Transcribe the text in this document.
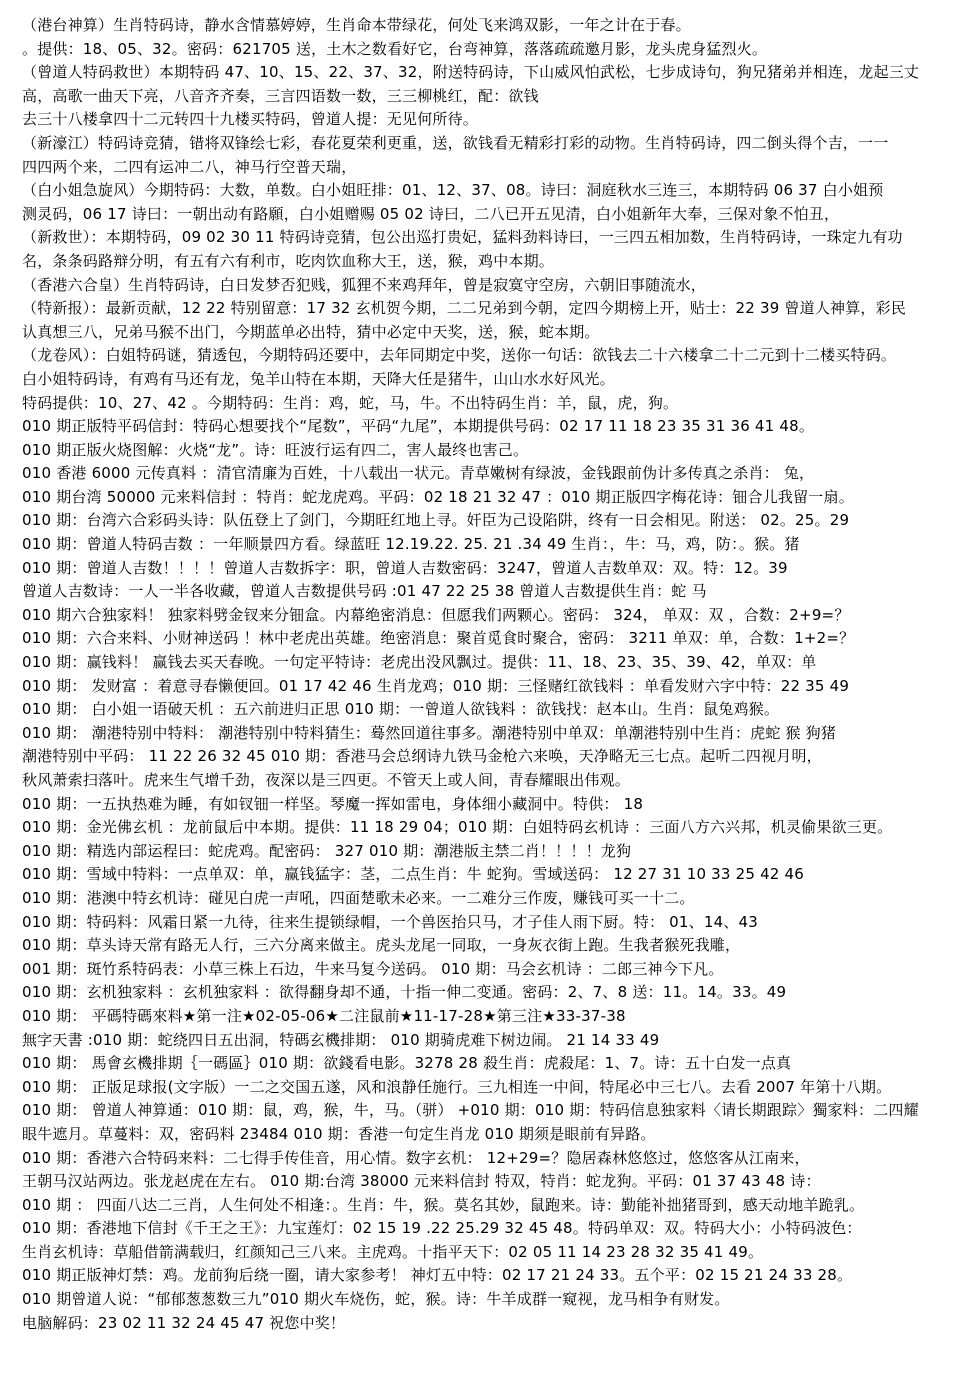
（港台神算）生肖特码诗，静水含情慕婷婷，生肖命本带绿花，何处飞来鸿双影，一年之计在于春。
。提供：18、05、32。密码：621705 送，土木之数看好它，台弯神算，落落疏疏邀月影，龙头虎身猛烈火。
（曾道人特码救世）本期特码 47、10、15、22、37、32，附送特码诗，下山威风怕武松，七步成诗句，狗兄猪弟并相连，龙起三丈
高，高歌一曲天下亮，八音齐齐奏，三言四语数一数，三三柳桃红，配：欲钱
去三十八楼拿四十二元转四十九楼买特码，曾道人提：无见何所待。
（新濠江）特码诗竞猜，错将双锋绘七彩，春花夏荣利更重，送，欲钱看无精彩打彩的动物。生肖特码诗，四二倒头得个吉，一一
四四两个来，二四有运冲二八，神马行空普天瑞，
（白小姐急旋风）今期特码：大数，单数。白小姐旺排：01、12、37、08。诗曰：洞庭秋水三连三，本期特码 06 37 白小姐预
测灵码，06 17 诗曰：一朝出动有路願，白小姐赠赐 05 02 诗曰，二八已开五见清，白小姐新年大奉，三保对象不怕丑，
（新救世）：本期特码，09 02 30 11 特码诗竞猜，包公出巡打贵妃，猛料劲料诗曰，一三四五相加数，生肖特码诗，一珠定九有功
名，条条码路辩分明，有五有六有利市，吃肉饮血称大王，送，猴，鸡中本期。
（香港六合皇）生肖特码诗，白日发梦否犯贱，狐狸不来鸡拜年，曾是寂寞守空房，六朝旧事随流水，
（特新报）：最新贡献，12 22 特别留意：17 32 玄机贺今期，二二兄弟到今朝，定四今期榜上开，贴士：22 39 曾道人神算，彩民
认真想三八，兄弟马猴不出门，今期蓝单必出特，猜中必定中天奖，送，猴，蛇本期。
（龙卷风）：白姐特码谜，猜透包，今期特码还要中，去年同期定中奖，送你一句话：欲钱去二十六楼拿二十二元到十二楼买特码。
白小姐特码诗，有鸡有马还有龙，兔羊山特在本期，天降大任是猪牛，山山水水好风光。
特码提供：10、27、42 。今期特码：生肖：鸡，蛇，马，牛。不出特码生肖：羊，鼠，虎，狗。
010 期正版特平码信封：特码心想要找个“尾数”，平码“九尾”，本期提供号码：02 17 11 18 23 35 31 36 41 48。
010 期正版火烧图解：火烧“龙”。诗：旺波行运有四二，害人最终也害己。
010 香港 6000 元传真料 ：清官清廉为百姓，十八载出一状元。青草嫩树有绿波，金钱跟前伪计多传真之杀肖： 兔，
010 期台湾 50000 元来料信封 ：特肖：蛇龙虎鸡。平码：02 18 21 32 47 ：010 期正版四字梅花诗：钿合儿我留一扇。
010 期：台湾六合彩码头诗：队伍登上了剑门，今期旺红地上寻。奸臣为己设陷阱，终有一日会相见。附送： 02。25。29
010 期：曾道人特码吉数 ：一年顺景四方看。绿蓝旺 12.19.22. 25. 21 .34 49 生肖：，牛：马，鸡，防：。猴。猪
010 期：曾道人吉数！！！！曾道人吉数拆字：职，曾道人吉数密码：3247，曾道人吉数单双：双。特：12。39
曾道人吉数诗：一人一半各收藏，曾道人吉数提供号码 :01 47 22 25 38 曾道人吉数提供生肖：蛇 马
010 期六合独家料！ 独家料劈金钗来分钿盒。内幕绝密消息：但愿我们两颗心。密码： 324， 单双：双 ，合数：2+9=？
010 期：六合来料、小财神送码 ！林中老虎出英雄。绝密消息：聚首觅食时聚合，密码： 3211 单双：单，合数：1+2=？
010 期：赢钱料！ 赢钱去买天春晚。一句定平特诗：老虎出没风飘过。提供：11、18、23、35、39、42，单双：单
010 期： 发财富 ：着意寻春懒便回。01 17 42 46 生肖龙鸡；010 期：三怪赌红欲钱料 ：单看发财六字中特：22 35 49
010 期： 白小姐一语破天机 ：五六前进归正思 010 期：一曾道人欲钱料 ：欲钱找：赵本山。生肖：鼠兔鸡猴。
010 期： 潮港特别中特料： 潮港特别中特料猜生：蓦然回道往事多。潮港特别中单双：单潮港特别中生肖：虎蛇 猴 狗猪
潮港特别中平码： 11 22 26 32 45 010 期：香港马会总纲诗九铁马金枪六来唤，天净略无三七点。起听二四视月明，
秋风萧索扫落叶。虎来生气增千劲，夜深以是三四更。不管天上或人间，青春耀眼出伟观。
010 期：一五执热难为睡，有如钗钿一样坚。琴魔一挥如雷电，身体细小藏洞中。特供： 18
010 期：金光佛玄机 ：龙前鼠后中本期。提供：11 18 29 04；010 期：白姐特码玄机诗 ：三面八方六兴邦，机灵偷果欲三更。
010 期：精选内部运程曰：蛇虎鸡。配密码： 327 010 期：潮港版主禁二肖！！！！龙狗
010 期：雪域中特料：一点单双：单，赢钱猛字：茎，二点生肖：牛 蛇狗。雪域送码： 12 27 31 10 33 25 42 46
010 期：港澳中特玄机诗：碰见白虎一声吼，四面楚歌未必来。一二难分三作废，赚钱可买一十二。
010 期：特码料：风霜日紧一九待，往来生提锁绿帽，一个兽医抬只马，才子佳人雨下厨。特： 01、14、43
010 期：草头诗天常有路无人行，三六分离来做主。虎头龙尾一同取，一身灰衣街上跑。生我者猴死我雕，
001 期：斑竹系特码表：小草三株上石边，牛来马复今送码。 010 期：马会玄机诗 ：二郎三神今下凡。
010 期：玄机独家料 ：玄机独家料 ：欲得翻身却不通，十指一伸二变通。密码：2、7、8 送：11。14。33。49
010 期： 平碼特碼來料★第一注★02-05-06★二注鼠前★11-17-28★第三注★33-37-38
無字天書 :010 期：蛇绕四日五出洞，特碼玄機排期： 010 期骑虎难下树边闹。 21 14 33 49
010 期： 馬會玄機排期｛一碼區｝010 期：欲錢看电影。3278 28 殺生肖：虎殺尾：1、7。诗：五十白发一点真
010 期： 正版足球报(文字版）一二之交国五遂，风和浪静任施行。三九相连一中间，特尾必中三七八。去看 2007 年第十八期。
010 期： 曾道人神算通：010 期：鼠，鸡，猴，牛，马。（骈） +010 期：010 期：特码信息独家料〈请长期跟踪〉獨家料：二四耀
眼牛遮月。草蔓料：双，密码料 23484 010 期：香港一句定生肖龙 010 期须是眼前有异路。
010 期：香港六合特码来料：二七得手传佳音，用心情。数字玄机： 12+29=？隐居森林悠悠过，悠悠客从江南来，
王朝马汉站两边。张龙赵虎在左右。 010 期:台湾 38000 元来料信封 特双，特肖：蛇龙狗。平码：01 37 43 48 诗：
010 期 ： 四面八达二三肖，人生何处不相逢：。生肖：牛，猴。莫名其妙，鼠跑来。诗：勤能补拙猪哥到，感天动地羊跪乳。
010 期：香港地下信封《千王之王》：九宝莲灯：02 15 19 .22 25.29 32 45 48。特码单双：双。特码大小：小特码波色：
生肖玄机诗：草船借箭满载归，红颜知己三八来。主虎鸡。十指平天下：02 05 11 14 23 28 32 35 41 49。
010 期正版神灯禁：鸡。龙前狗后绕一圈，请大家参考！ 神灯五中特：02 17 21 24 33。五个平：02 15 21 24 33 28。
010 期曾道人说：“郁郁葱葱数三九”010 期火车烧伤，蛇，猴。诗：牛羊成群一窥视，龙马相争有财发。
电脑解码：23 02 11 32 24 45 47 祝您中奖！
